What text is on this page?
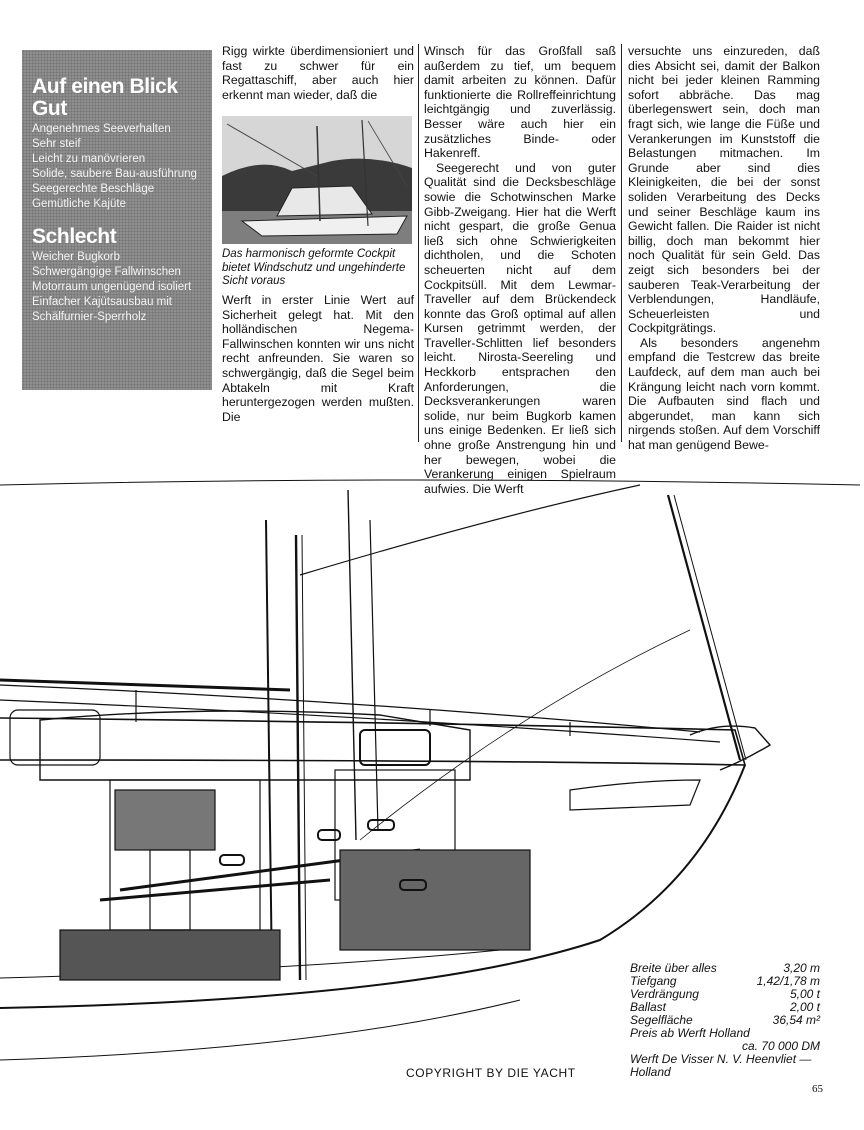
Auf einen Blick Gut
Angenehmes Seeverhalten
Sehr steif
Leicht zu manövrieren
Solide, saubere Bau-ausführung
Seegerechte Beschläge
Gemütliche Kajüte
Schlecht
Weicher Bugkorb
Schwergängige Fallwinschen
Motorraum ungenügend isoliert
Einfacher Kajütsausbau mit Schälfurnier-Sperrholz

Rigg wirkte überdimensioniert und fast zu schwer für ein Regattaschiff, aber auch hier erkennt man wieder, daß die

Das harmonisch geformte Cockpit bietet Windschutz und ungehinderte Sicht voraus

Werft in erster Linie Wert auf Sicherheit gelegt hat. Mit den holländischen Negema-Fallwinschen konnten wir uns nicht recht anfreunden. Sie waren so schwergängig, daß die Segel beim Abtakeln mit Kraft heruntergezogen werden mußten. Die

Winsch für das Großfall saß außerdem zu tief, um bequem damit arbeiten zu können. Dafür funktionierte die Rollreffeinrichtung leichtgängig und zuverlässig. Besser wäre auch hier ein zusätzliches Binde- oder Hakenreff.

Seegerecht und von guter Qualität sind die Decksbeschläge sowie die Schotwinschen Marke Gibb-Zweigang. Hier hat die Werft nicht gespart, die große Genua ließ sich ohne Schwierigkeiten dichtholen, und die Schoten scheuerten nicht auf dem Cockpitsüll. Mit dem Lewmar-Traveller auf dem Brückendeck konnte das Groß optimal auf allen Kursen getrimmt werden, der Traveller-Schlitten lief besonders leicht. Nirosta-Seereling und Heckkorb entsprachen den Anforderungen, die Decksverankerungen waren solide, nur beim Bugkorb kamen uns einige Bedenken. Er ließ sich ohne große Anstrengung hin und her bewegen, wobei die Verankerung einigen Spielraum aufwies. Die Werft

versuchte uns einzureden, daß dies Absicht sei, damit der Balkon nicht bei jeder kleinen Ramming sofort abbräche. Das mag überlegenswert sein, doch man fragt sich, wie lange die Füße und Verankerungen im Kunststoff die Belastungen mitmachen. Im Grunde aber sind dies Kleinigkeiten, die bei der sonst soliden Verarbeitung des Decks und seiner Beschläge kaum ins Gewicht fallen. Die Raider ist nicht billig, doch man bekommt hier noch Qualität für sein Geld. Das zeigt sich besonders bei der sauberen Teak-Verarbeitung der Verblendungen, Handläufe, Scheuerleisten und Cockpitgrätings.

Als besonders angenehm empfand die Testcrew das breite Laufdeck, auf dem man auch bei Krängung leicht nach vorn kommt. Die Aufbauten sind flach und abgerundet, man kann sich nirgends stoßen. Auf dem Vorschiff hat man genügend Bewe-

Breite über alles	3,20 m
Tiefgang	1,42/1,78 m
Verdrängung	5,00 t
Ballast	2,00 t
Segelfläche	36,54 m²
Preis ab Werft Holland
ca. 70 000 DM
Werft De Visser N. V. Heenvliet — Holland
COPYRIGHT BY DIE YACHT
65
